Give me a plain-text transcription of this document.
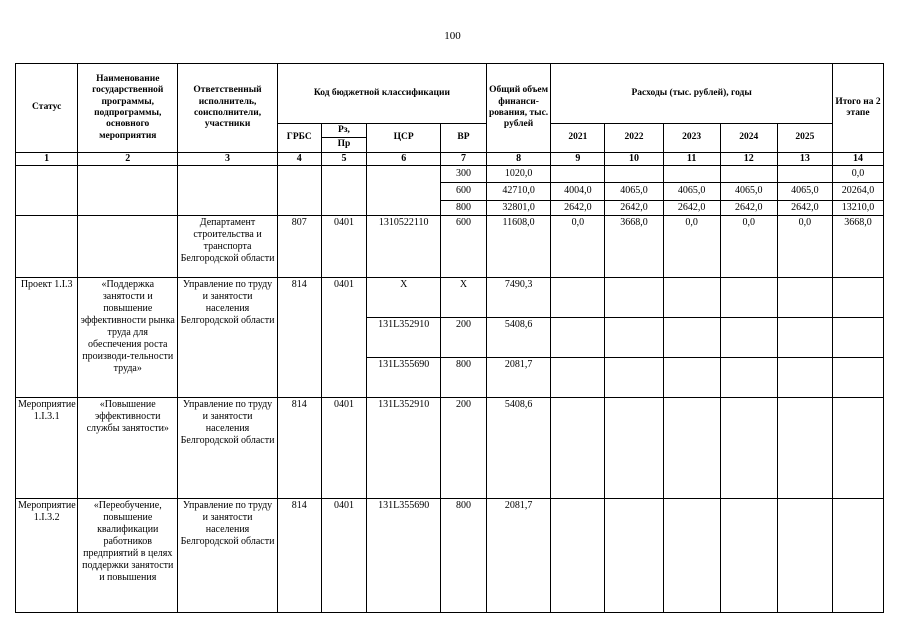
100
Статус	Наименование государственной программы, подпрограммы, основного мероприятия	Ответственный исполнитель, соисполнители, участники	Код бюджетной классификации				Общий объем финанси-рования, тыс. рублей	Расходы (тыс. рублей), годы					Итого на 2 этапе
			ГРБС	Рз,	ЦСР	ВР		2021	2022	2023	2024	2025	
				Пр									
1	2	3	4	5	6	7	8	9	10	11	12	13	14
						300	1020,0						0,0
						600	42710,0	4004,0	4065,0	4065,0	4065,0	4065,0	20264,0
						800	32801,0	2642,0	2642,0	2642,0	2642,0	2642,0	13210,0
		Департамент строительства и транспорта Белгородской области	807	0401	1310522110	600	11608,0	0,0	3668,0	0,0	0,0	0,0	3668,0
Проект 1.I.3	«Поддержка занятости и повышение эффективности рынка труда для обеспечения роста производи-тельности труда»	Управление по труду и занятости населения Белгородской области	814	0401	Х	Х	7490,3						
					131L352910	200	5408,6						
					131L355690	800	2081,7						
Мероприятие 1.I.3.1	«Повышение эффективности службы занятости»	Управление по труду и занятости населения Белгородской области	814	0401	131L352910	200	5408,6						
Мероприятие 1.I.3.2	«Переобучение, повышение квалификации работников предприятий в целях поддержки занятости и повышения	Управление по труду и занятости населения Белгородской области	814	0401	131L355690	800	2081,7						
